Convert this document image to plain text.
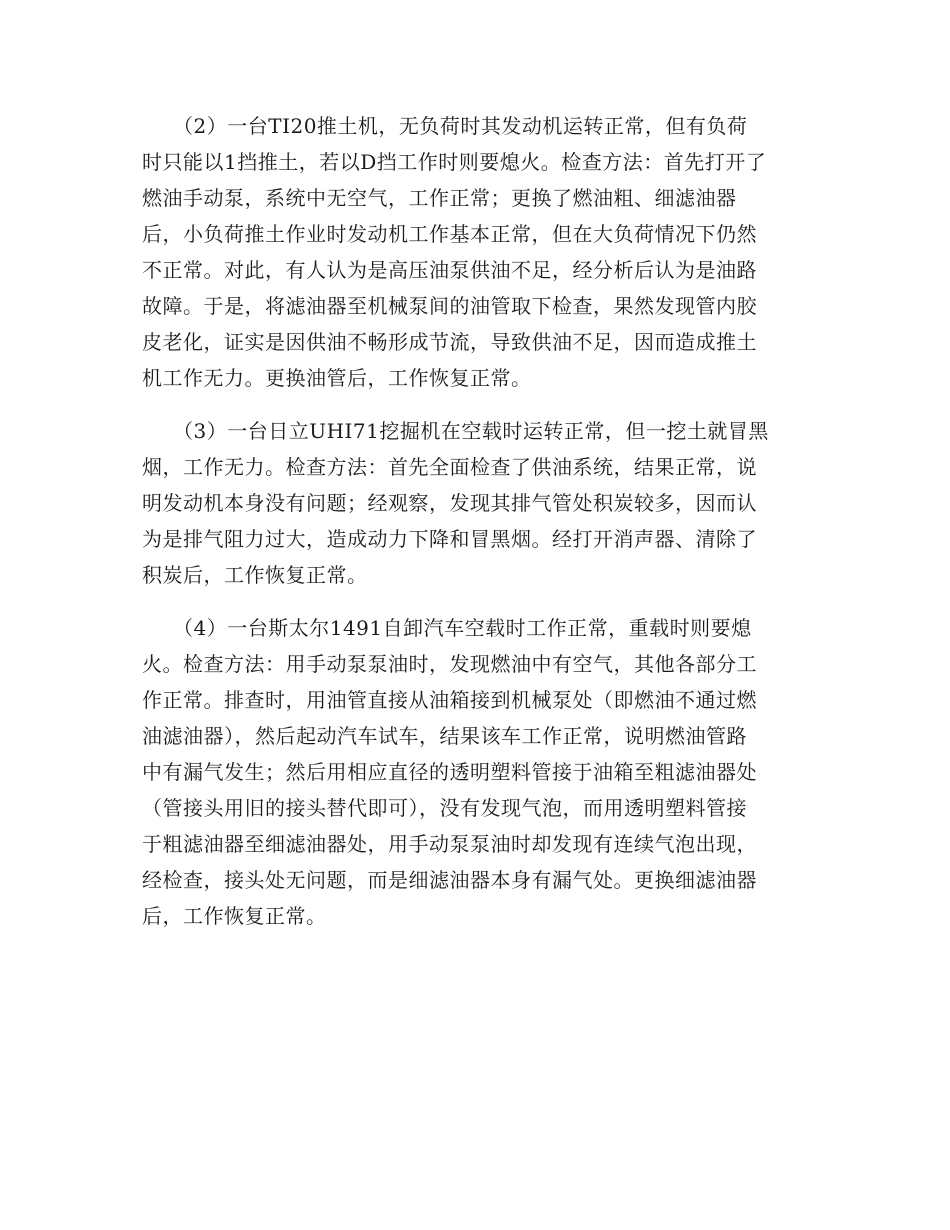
　　（2）一台TI20推土机，无负荷时其发动机运转正常，但有负荷
时只能以1挡推土，若以D挡工作时则要熄火。检查方法：首先打开了
燃油手动泵，系统中无空气，工作正常；更换了燃油粗、细滤油器
后，小负荷推土作业时发动机工作基本正常，但在大负荷情况下仍然
不正常。对此，有人认为是高压油泵供油不足，经分析后认为是油路
故障。于是，将滤油器至机械泵间的油管取下检查，果然发现管内胶
皮老化，证实是因供油不畅形成节流，导致供油不足，因而造成推土
机工作无力。更换油管后，工作恢复正常。

　　（3）一台日立UHI71挖掘机在空载时运转正常，但一挖土就冒黑
烟，工作无力。检查方法：首先全面检查了供油系统，结果正常，说
明发动机本身没有问题；经观察，发现其排气管处积炭较多，因而认
为是排气阻力过大，造成动力下降和冒黑烟。经打开消声器、清除了
积炭后，工作恢复正常。

　　（4）一台斯太尔1491自卸汽车空载时工作正常，重载时则要熄
火。检查方法：用手动泵泵油时，发现燃油中有空气，其他各部分工
作正常。排查时，用油管直接从油箱接到机械泵处（即燃油不通过燃
油滤油器），然后起动汽车试车，结果该车工作正常，说明燃油管路
中有漏气发生；然后用相应直径的透明塑料管接于油箱至粗滤油器处
（管接头用旧的接头替代即可），没有发现气泡，而用透明塑料管接
于粗滤油器至细滤油器处，用手动泵泵油时却发现有连续气泡出现，
经检查，接头处无问题，而是细滤油器本身有漏气处。更换细滤油器
后，工作恢复正常。
